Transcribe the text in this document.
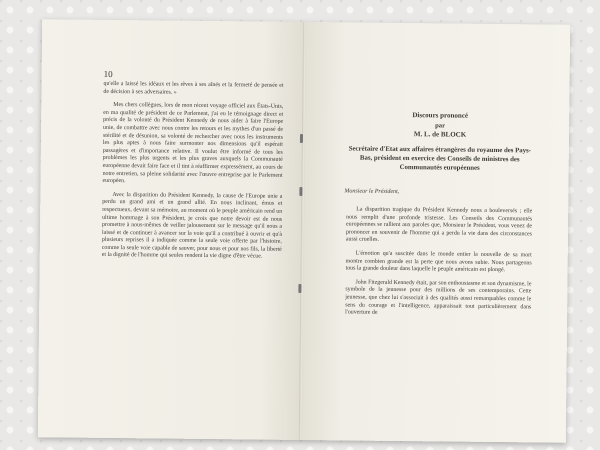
10

qu'elle a laissé les idéaux et les rêves à ses aînés et la fermeté de pensée et de décision à ses adversaires. »

Mes chers collègues, lors de mon récent voyage officiel aux États-Unis, en ma qualité de président de ce Parlement, j'ai eu le témoignage direct et précis de la volonté du Président Kennedy de nous aider à faire l'Europe unie, de combattre avec nous contre les retours et les mythes d'un passé de stérilité et de désunion, sa volonté de rechercher avec nous les instruments les plus aptes à nous faire surmonter nos dimensions qu'il espérait passagères et d'importance relative. Il voulut être informé de tous les problèmes les plus urgents et les plus graves auxquels la Communauté européenne devait faire face et il tint à réaffirmer expressément, au cours de notre entretien, sa pleine solidarité avec l'œuvre entreprise par le Parlement européen.

Avec la disparition du Président Kennedy, la cause de l'Europe unie a perdu un grand ami et un grand allié. En nous inclinant, émus et respectueux, devant sa mémoire, au moment où le peuple américain rend un ultime hommage à son Président, je crois que notre devoir est de nous promettre à nous-mêmes de veiller jalousement sur le message qu'il nous a laissé et de continuer à avancer sur la voie qu'il a contribué à ouvrir et qu'à plusieurs reprises il a indiquée comme la seule voie offerte par l'histoire, comme la seule voie capable de sauver, pour nous et pour nos fils, la liberté et la dignité de l'homme qui seules rendent la vie digne d'être vécue.

Discours prononcé
par
M. L. de BLOCK
Secrétaire d'Etat aux affaires étrangères du royaume des Pays-Bas, président en exercice des Conseils de ministres des Communautés européennes
Monsieur le Président,

La disparition tragique du Président Kennedy nous a bouleversés ; elle nous remplit d'une profonde tristesse. Les Conseils des Communautés européennes se rallient aux paroles que, Monsieur le Président, vous venez de prononcer en souvenir de l'homme qui a perdu la vie dans des circonstances aussi cruelles.

L'émotion qu'a suscitée dans le monde entier la nouvelle de sa mort montre combien grande est la perte que nous avons subie. Nous partageons tous la grande douleur dans laquelle le peuple américain est plongé.

John Fitzgerald Kennedy était, par son enthousiasme et son dynamisme, le symbole de la jeunesse pour des millions de ses contemporains. Cette jeunesse, que chez lui s'associait à des qualités aussi remarquables comme le sens du courage et l'intelligence, apparaissait tout particulièrement dans l'ouverture de
